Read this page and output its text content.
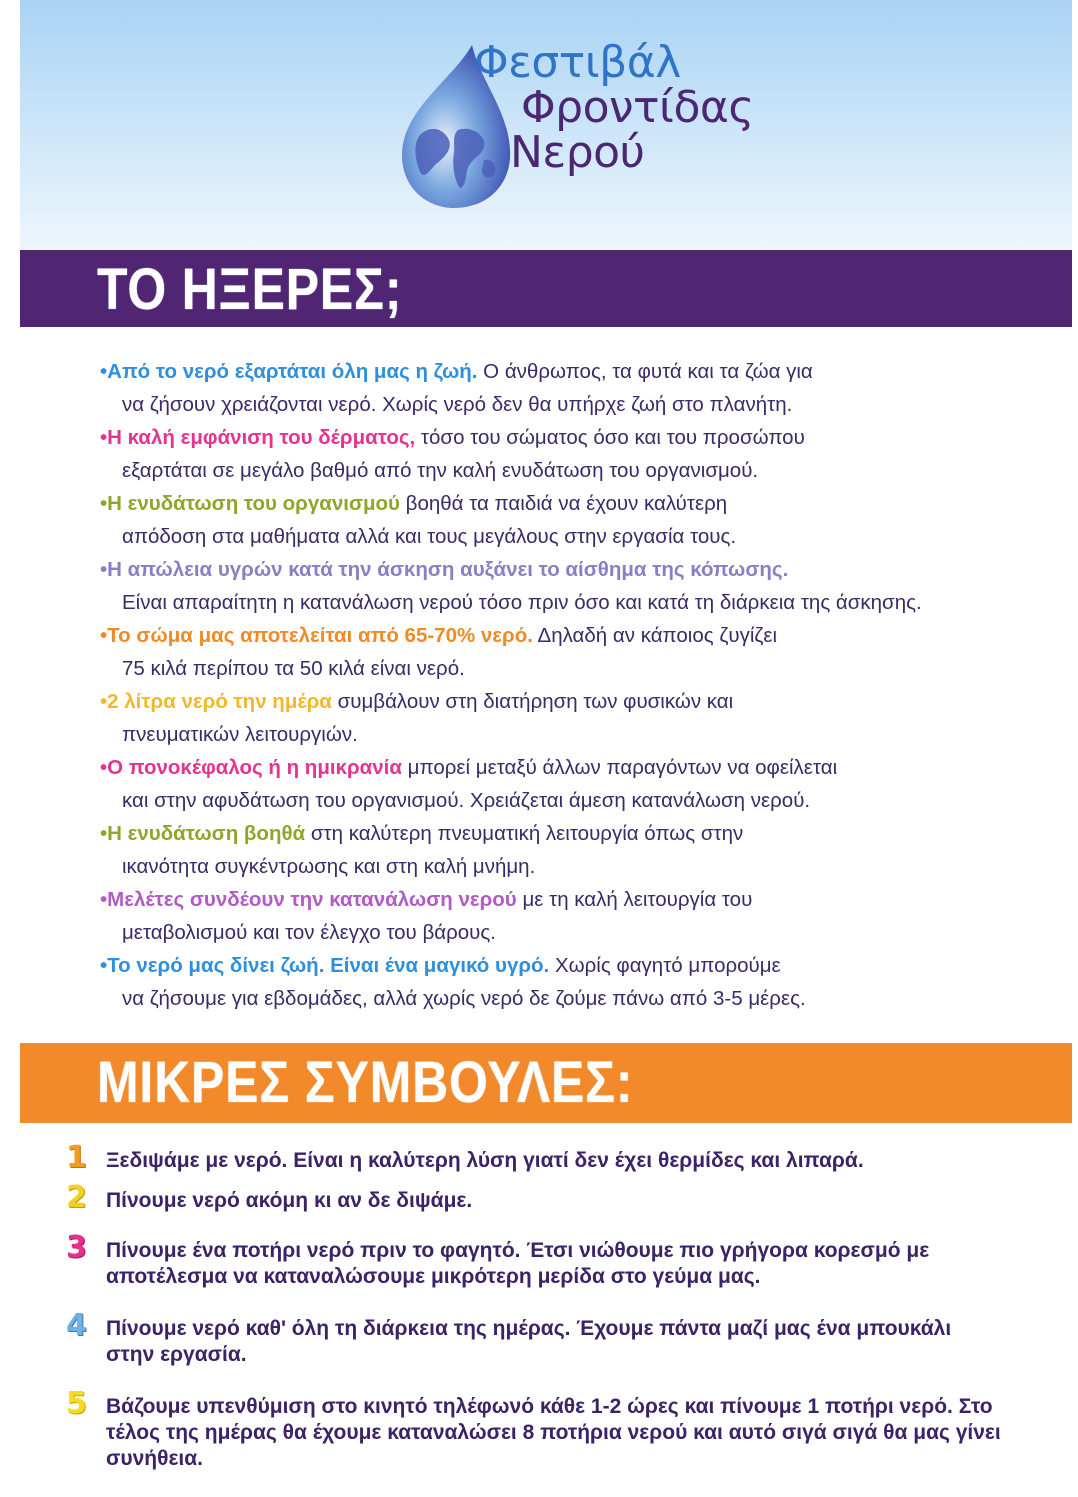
Φεστιβάλ
Φροντίδας
Νερού
ΤΟ ΗΞΕΡΕΣ;
•Από το νερό εξαρτάται όλη μας η ζωή. Ο άνθρωπος, τα φυτά και τα ζώα για
να ζήσουν χρειάζονται νερό. Χωρίς νερό δεν θα υπήρχε ζωή στο πλανήτη.
•Η καλή εμφάνιση του δέρματος, τόσο του σώματος όσο και του προσώπου
εξαρτάται σε μεγάλο βαθμό από την καλή ενυδάτωση του οργανισμού.
•Η ενυδάτωση του οργανισμού βοηθά τα παιδιά να έχουν καλύτερη
απόδοση στα μαθήματα αλλά και τους μεγάλους στην εργασία τους.
•Η απώλεια υγρών κατά την άσκηση αυξάνει το αίσθημα της κόπωσης.
Είναι απαραίτητη η κατανάλωση νερού τόσο πριν όσο και κατά τη διάρκεια της άσκησης.
•Το σώμα μας αποτελείται από 65-70% νερό. Δηλαδή αν κάποιος ζυγίζει
75 κιλά περίπου τα 50 κιλά είναι νερό.
•2 λίτρα νερό την ημέρα συμβάλουν στη διατήρηση των φυσικών και
πνευματικών λειτουργιών.
•Ο πονοκέφαλος ή η ημικρανία μπορεί μεταξύ άλλων παραγόντων να οφείλεται
και στην αφυδάτωση του οργανισμού. Χρειάζεται άμεση κατανάλωση νερού.
•Η ενυδάτωση βοηθά στη καλύτερη πνευματική λειτουργία όπως στην
ικανότητα συγκέντρωσης και στη καλή μνήμη.
•Μελέτες συνδέουν την κατανάλωση νερού με τη καλή λειτουργία του
μεταβολισμού και τον έλεγχο του βάρους.
•Το νερό μας δίνει ζωή. Είναι ένα μαγικό υγρό. Χωρίς φαγητό μπορούμε
να ζήσουμε για εβδομάδες, αλλά χωρίς νερό δε ζούμε πάνω από 3-5 μέρες.
ΜΙΚΡΕΣ ΣΥΜΒΟΥΛΕΣ:
1 Ξεδιψάμε με νερό. Είναι η καλύτερη λύση γιατί δεν έχει θερμίδες και λιπαρά.
2 Πίνουμε νερό ακόμη κι αν δε διψάμε.
3 Πίνουμε ένα ποτήρι νερό πριν το φαγητό. Έτσι νιώθουμε πιο γρήγορα κορεσμό με αποτέλεσμα να καταναλώσουμε μικρότερη μερίδα στο γεύμα μας.
4 Πίνουμε νερό καθ' όλη τη διάρκεια της ημέρας. Έχουμε πάντα μαζί μας ένα μπουκάλι στην εργασία.
5 Βάζουμε υπενθύμιση στο κινητό τηλέφωνό κάθε 1-2 ώρες και πίνουμε 1 ποτήρι νερό. Στο τέλος της ημέρας θα έχουμε καταναλώσει 8 ποτήρια νερού και αυτό σιγά σιγά θα μας γίνει συνήθεια.
